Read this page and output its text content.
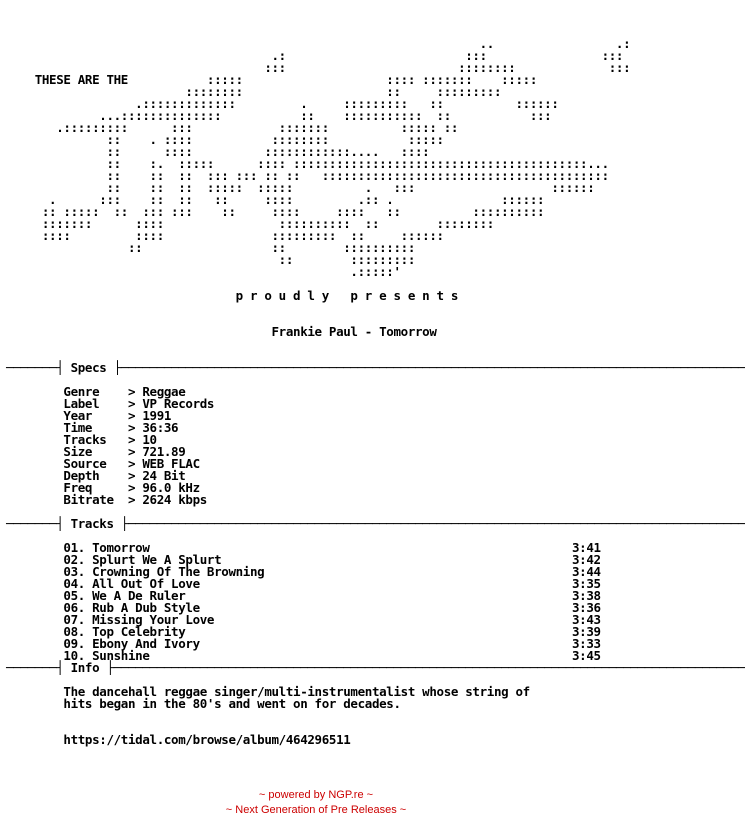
..                 .:
.:                         :::                :::
:::                        ::::::::             :::
THESE ARE THE           :::::                    :::: :::::::    :::::
::::::::                    ::     :::::::::
.:::::::::::::         .     :::::::::   ::          ::::::
...::::::::::::::           ::    :::::::::::  ::           :::
.:::::::::      :::            :::::::          ::::: ::
::    . ::::           ::::::::           :::::
::      ::::          ::::::::::::....   ::::
::    :.  :::::      :::: :::::::::::::::::::::::::::::::::::::::::...
::    ::  ::  ::: ::: :: ::   ::::::::::::::::::::::::::::::::::::::::
::    ::  ::  :::::  :::::          .   :::                   ::::::
.      :::    ::  ::   ::     ::::         .:: .               ::::::
:: :::::  ::  ::: :::    ::     ::::     ::::   ::          ::::::::::
:::::::      ::::                ::::::::::  ::        ::::::::
::::         ::::               :::::::::  ::     ::::::
::                  ::        ::::::::::
::        :::::::::
.:::::'

p r o u d l y   p r e s e n t s

Frankie Paul - Tomorrow

───────┤ Specs ├───────────────────────────────────────────────────────────────────────────────────────

Genre    > Reggae
Label    > VP Records
Year     > 1991
Time     > 36:36
Tracks   > 10
Size     > 721.89
Source   > WEB FLAC
Depth    > 24 Bit
Freq     > 96.0 kHz
Bitrate  > 2624 kbps

───────┤ Tracks ├──────────────────────────────────────────────────────────────────────────────────────

01. Tomorrow	3:41
02. Splurt We A Splurt	3:42
03. Crowning Of The Browning	3:44
04. All Out Of Love	3:35
05. We A De Ruler	3:38
06. Rub A Dub Style	3:36
07. Missing Your Love	3:43
08. Top Celebrity	3:39
09. Ebony And Ivory	3:33
10. Sunshine	3:45
───────┤ Info ├────────────────────────────────────────────────────────────────────────────────────────

The dancehall reggae singer/multi-instrumentalist whose string of
hits began in the 80's and went on for decades.

https://tidal.com/browse/album/464296511
~ powered by NGP.re ~
~ Next Generation of Pre Releases ~
